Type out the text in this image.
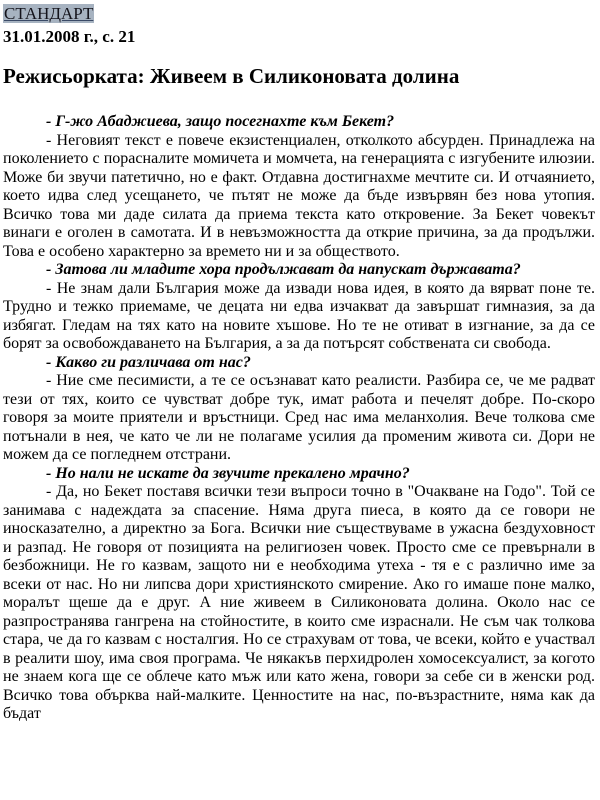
СТАНДАРТ

31.01.2008 г., с. 21

Режисьорката: Живеем в Силиконовата долина

- Г-жо Абаджиева, защо посегнахте към Бекет?

- Неговият текст е повече екзистенциален, отколкото абсурден. Принадлежа на поколението с порасналите момичета и момчета, на генерацията с изгубените илюзии. Може би звучи патетично, но е факт. Отдавна достигнахме мечтите си. И отчаянието, което идва след усещането, че пътят не може да бъде извървян без нова утопия. Всичко това ми даде силата да приема текста като откровение. За Бекет човекът винаги е оголен в самотата. И в невъзможността да открие причина, за да продължи. Това е особено характерно за времето ни и за обществото.

- Затова ли младите хора продължават да напускат държавата?

- Не знам дали България може да извади нова идея, в която да вярват поне те. Трудно и тежко приемаме, че децата ни едва изчакват да завършат гимназия, за да избягат. Гледам на тях като на новите хъшове. Но те не отиват в изгнание, за да се борят за освобождаването на България, а за да потърсят собствената си свобода.

- Какво ги различава от нас?

- Ние сме песимисти, а те се осъзнават като реалисти. Разбира се, че ме радват тези от тях, които се чувстват добре тук, имат работа и печелят добре. По-скоро говоря за моите приятели и връстници. Сред нас има меланхолия. Вече толкова сме потънали в нея, че като че ли не полагаме усилия да променим живота си. Дори не можем да се погледнем отстрани.

- Но нали не искате да звучите прекалено мрачно?

- Да, но Бекет поставя всички тези въпроси точно в "Очакване на Годо". Той се занимава с надеждата за спасение. Няма друга пиеса, в която да се говори не иносказателно, а директно за Бога. Всички ние съществуваме в ужасна бездуховност и разпад. Не говоря от позицията на религиозен човек. Просто сме се превърнали в безбожници. Не го казвам, защото ни е необходима утеха - тя е с различно име за всеки от нас. Но ни липсва дори християнското смирение. Ако го имаше поне малко, моралът щеше да е друг. А ние живеем в Силиконовата долина. Около нас се разпространява гангрена на стойностите, в които сме израснали. Не съм чак толкова стара, че да го казвам с носталгия. Но се страхувам от това, че всеки, който е участвал в реалити шоу, има своя програма. Че някакъв перхидролен хомосексуалист, за когото не знаем кога ще се облече като мъж или като жена, говори за себе си в женски род. Всичко това обърква най-малките. Ценностите на нас, по-възрастните, няма как да бъдат
